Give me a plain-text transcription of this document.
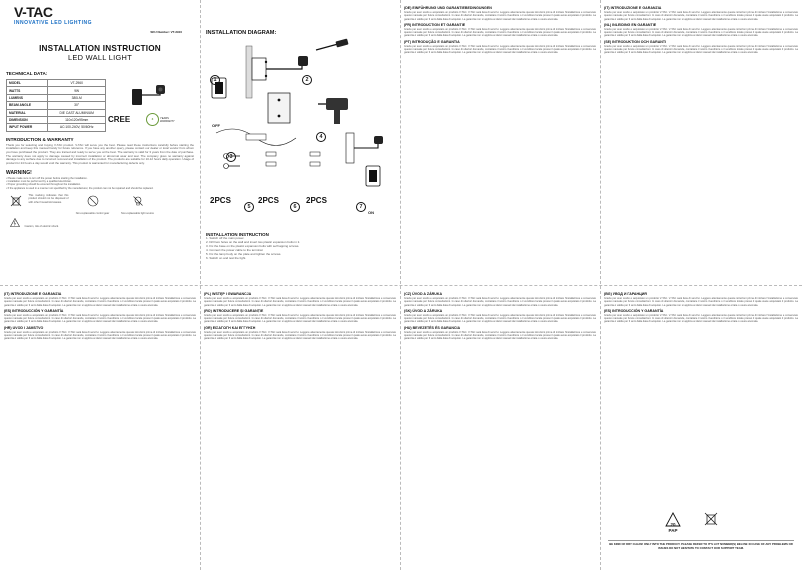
V-TAC
INNOVATIVE LED LIGHTING
SKU Number: VT-2910
INSTALLATION INSTRUCTION
LED WALL LIGHT
TECHNICAL DATA:
MODEL	VT-2960
WATTS	9W
LUMENS	380LM
BEAM ANGLE	30°
MATERIAL	DIE CAST ALUMINIUM
DIMENSION	110x120x95mm
INPUT POWER	AC:100-240V, 50/60Hz
3	YEARS WARRANTY
CREE
INTRODUCTION & WARRANTY
Thank you for selecting and buying V-TAC product. V-TAC will serve you the best. Please read these instructions carefully before starting the installation and keep this manual handy for future reference. If you have any another query, please contact our dealer or local vendor from whom you have purchased the product. They are trained and ready to serve you at the best. The warranty is valid for 3 years from the date of purchase. The warranty does not apply to damage caused by incorrect installation or abnormal wear and tear. The company gives no warranty against damage to any surface due to incorrect removal and installation of the product. The products are suitable for 10-12 hours daily operation. Usage of product for 24 hours a day would void the warranty. This product is warranted for manufacturing defects only.
WARNING!
• Please make sure to turn off the power before starting the installation.
• Installation must be performed by a qualified electrician.
• Proper grounding should be ensured throughout the installation.
• If the appliance is used in a manner not specified by the manufacturer, the product can not be repaired and should be replaced.
This marking indicates that this product should not be disposed of with other household wastes.
Caution, risk of electric shock.
Non-replaceable control gear	Non-replaceable light source
INSTALLATION DIAGRAM:
1
OFF
2
3
4
5	6	7
ON
2PCS	2PCS	2PCS
INSTALLATION INSTRUCTION
1. Switch off the main power.
2. Drill two holes on the wall and insert two plastic expansion bolts in it.
3. Fix the base on the plastic expansion bolts with self tapping screws.
4. Connect the power cable to the terminal.
5. Fix the lamp body on the plate and tighten the screws.
6. Switch on and test the light.
(DE) EINFÜHRUNG UND GARANTIEBEDINGUNGEN
Grazie per aver scelto e acquistato un prodotto V-TAC. V-TAC sarà lieta di servirvi. Leggere attentamente queste istruzioni prima di iniziare l'installazione e conservare questo manuale per future consultazioni. In caso di ulteriori domande, contattare il nostro rivenditore o il venditore locale presso il quale avete acquistato il prodotto. La garanzia è valida per 3 anni dalla data di acquisto. La garanzia non si applica ai danni causati da installazione errata o usura anomala.
(FR) INTRODUCTION ET GARANTIE
Grazie per aver scelto e acquistato un prodotto V-TAC. V-TAC sarà lieta di servirvi. Leggere attentamente queste istruzioni prima di iniziare l'installazione e conservare questo manuale per future consultazioni. In caso di ulteriori domande, contattare il nostro rivenditore o il venditore locale presso il quale avete acquistato il prodotto. La garanzia è valida per 3 anni dalla data di acquisto. La garanzia non si applica ai danni causati da installazione errata o usura anomala.
(PT) INTRODUÇÃO E GARANTIA
Grazie per aver scelto e acquistato un prodotto V-TAC. V-TAC sarà lieta di servirvi. Leggere attentamente queste istruzioni prima di iniziare l'installazione e conservare questo manuale per future consultazioni. In caso di ulteriori domande, contattare il nostro rivenditore o il venditore locale presso il quale avete acquistato il prodotto. La garanzia è valida per 3 anni dalla data di acquisto. La garanzia non si applica ai danni causati da installazione errata o usura anomala.
(IT) INTRODUZIONE E GARANZIA
Grazie per aver scelto e acquistato un prodotto V-TAC. V-TAC sarà lieta di servirvi. Leggere attentamente queste istruzioni prima di iniziare l'installazione e conservare questo manuale per future consultazioni. In caso di ulteriori domande, contattare il nostro rivenditore o il venditore locale presso il quale avete acquistato il prodotto. La garanzia è valida per 3 anni dalla data di acquisto. La garanzia non si applica ai danni causati da installazione errata o usura anomala.
(NL) INLEIDING EN GARANTIE
Grazie per aver scelto e acquistato un prodotto V-TAC. V-TAC sarà lieta di servirvi. Leggere attentamente queste istruzioni prima di iniziare l'installazione e conservare questo manuale per future consultazioni. In caso di ulteriori domande, contattare il nostro rivenditore o il venditore locale presso il quale avete acquistato il prodotto. La garanzia è valida per 3 anni dalla data di acquisto. La garanzia non si applica ai danni causati da installazione errata o usura anomala.
(SE) INTRODUKTION OCH GARANTI
Grazie per aver scelto e acquistato un prodotto V-TAC. V-TAC sarà lieta di servirvi. Leggere attentamente queste istruzioni prima di iniziare l'installazione e conservare questo manuale per future consultazioni. In caso di ulteriori domande, contattare il nostro rivenditore o il venditore locale presso il quale avete acquistato il prodotto. La garanzia è valida per 3 anni dalla data di acquisto. La garanzia non si applica ai danni causati da installazione errata o usura anomala.
(IT) INTRODUZIONE E GARANZIA
Grazie per aver scelto e acquistato un prodotto V-TAC. V-TAC sarà lieta di servirvi. Leggere attentamente queste istruzioni prima di iniziare l'installazione e conservare questo manuale per future consultazioni. In caso di ulteriori domande, contattare il nostro rivenditore o il venditore locale presso il quale avete acquistato il prodotto. La garanzia è valida per 3 anni dalla data di acquisto. La garanzia non si applica ai danni causati da installazione errata o usura anomala.
(ES) INTRODUCCIÓN Y GARANTÍA
Grazie per aver scelto e acquistato un prodotto V-TAC. V-TAC sarà lieta di servirvi. Leggere attentamente queste istruzioni prima di iniziare l'installazione e conservare questo manuale per future consultazioni. In caso di ulteriori domande, contattare il nostro rivenditore o il venditore locale presso il quale avete acquistato il prodotto. La garanzia è valida per 3 anni dalla data di acquisto. La garanzia non si applica ai danni causati da installazione errata o usura anomala.
(HR) UVOD I JAMSTVO
Grazie per aver scelto e acquistato un prodotto V-TAC. V-TAC sarà lieta di servirvi. Leggere attentamente queste istruzioni prima di iniziare l'installazione e conservare questo manuale per future consultazioni. In caso di ulteriori domande, contattare il nostro rivenditore o il venditore locale presso il quale avete acquistato il prodotto. La garanzia è valida per 3 anni dalla data di acquisto. La garanzia non si applica ai danni causati da installazione errata o usura anomala.
(PL) WSTĘP I GWARANCJA
Grazie per aver scelto e acquistato un prodotto V-TAC. V-TAC sarà lieta di servirvi. Leggere attentamente queste istruzioni prima di iniziare l'installazione e conservare questo manuale per future consultazioni. In caso di ulteriori domande, contattare il nostro rivenditore o il venditore locale presso il quale avete acquistato il prodotto. La garanzia è valida per 3 anni dalla data di acquisto. La garanzia non si applica ai danni causati da installazione errata o usura anomala.
(RO) INTRODUCERE ȘI GARANȚIE
Grazie per aver scelto e acquistato un prodotto V-TAC. V-TAC sarà lieta di servirvi. Leggere attentamente queste istruzioni prima di iniziare l'installazione e conservare questo manuale per future consultazioni. In caso di ulteriori domande, contattare il nostro rivenditore o il venditore locale presso il quale avete acquistato il prodotto. La garanzia è valida per 3 anni dalla data di acquisto. La garanzia non si applica ai danni causati da installazione errata o usura anomala.
(GR) ΕΙΣΑΓΩΓΗ ΚΑΙ ΕΓΓΥΗΣΗ
Grazie per aver scelto e acquistato un prodotto V-TAC. V-TAC sarà lieta di servirvi. Leggere attentamente queste istruzioni prima di iniziare l'installazione e conservare questo manuale per future consultazioni. In caso di ulteriori domande, contattare il nostro rivenditore o il venditore locale presso il quale avete acquistato il prodotto. La garanzia è valida per 3 anni dalla data di acquisto. La garanzia non si applica ai danni causati da installazione errata o usura anomala.
(CZ) ÚVOD A ZÁRUKA
Grazie per aver scelto e acquistato un prodotto V-TAC. V-TAC sarà lieta di servirvi. Leggere attentamente queste istruzioni prima di iniziare l'installazione e conservare questo manuale per future consultazioni. In caso di ulteriori domande, contattare il nostro rivenditore o il venditore locale presso il quale avete acquistato il prodotto. La garanzia è valida per 3 anni dalla data di acquisto. La garanzia non si applica ai danni causati da installazione errata o usura anomala.
(SK) ÚVOD A ZÁRUKA
Grazie per aver scelto e acquistato un prodotto V-TAC. V-TAC sarà lieta di servirvi. Leggere attentamente queste istruzioni prima di iniziare l'installazione e conservare questo manuale per future consultazioni. In caso di ulteriori domande, contattare il nostro rivenditore o il venditore locale presso il quale avete acquistato il prodotto. La garanzia è valida per 3 anni dalla data di acquisto. La garanzia non si applica ai danni causati da installazione errata o usura anomala.
(HU) BEVEZETÉS ÉS GARANCIA
Grazie per aver scelto e acquistato un prodotto V-TAC. V-TAC sarà lieta di servirvi. Leggere attentamente queste istruzioni prima di iniziare l'installazione e conservare questo manuale per future consultazioni. In caso di ulteriori domande, contattare il nostro rivenditore o il venditore locale presso il quale avete acquistato il prodotto. La garanzia è valida per 3 anni dalla data di acquisto. La garanzia non si applica ai danni causati da installazione errata o usura anomala.
(BG) УВОД И ГАРАНЦИЯ
Grazie per aver scelto e acquistato un prodotto V-TAC. V-TAC sarà lieta di servirvi. Leggere attentamente queste istruzioni prima di iniziare l'installazione e conservare questo manuale per future consultazioni. In caso di ulteriori domande, contattare il nostro rivenditore o il venditore locale presso il quale avete acquistato il prodotto. La garanzia è valida per 3 anni dalla data di acquisto. La garanzia non si applica ai danni causati da installazione errata o usura anomala.
(ES) INTRODUCCIÓN Y GARANTÍA
Grazie per aver scelto e acquistato un prodotto V-TAC. V-TAC sarà lieta di servirvi. Leggere attentamente queste istruzioni prima di iniziare l'installazione e conservare questo manuale per future consultazioni. In caso di ulteriori domande, contattare il nostro rivenditore o il venditore locale presso il quale avete acquistato il prodotto. La garanzia è valida per 3 anni dalla data di acquisto. La garanzia non si applica ai danni causati da installazione errata o usura anomala.
20
PAP
BE KIND OF DRY CLEAN! ONLY INTO THE PRODUCT. PLEASE REFER TO IT'S LOT NUMBER(S) BELOW. IN CASE OF ANY PROBLEMS OR ISSUES DO NOT HESITATE TO CONTACT OUR SUPPORT TEAM.
